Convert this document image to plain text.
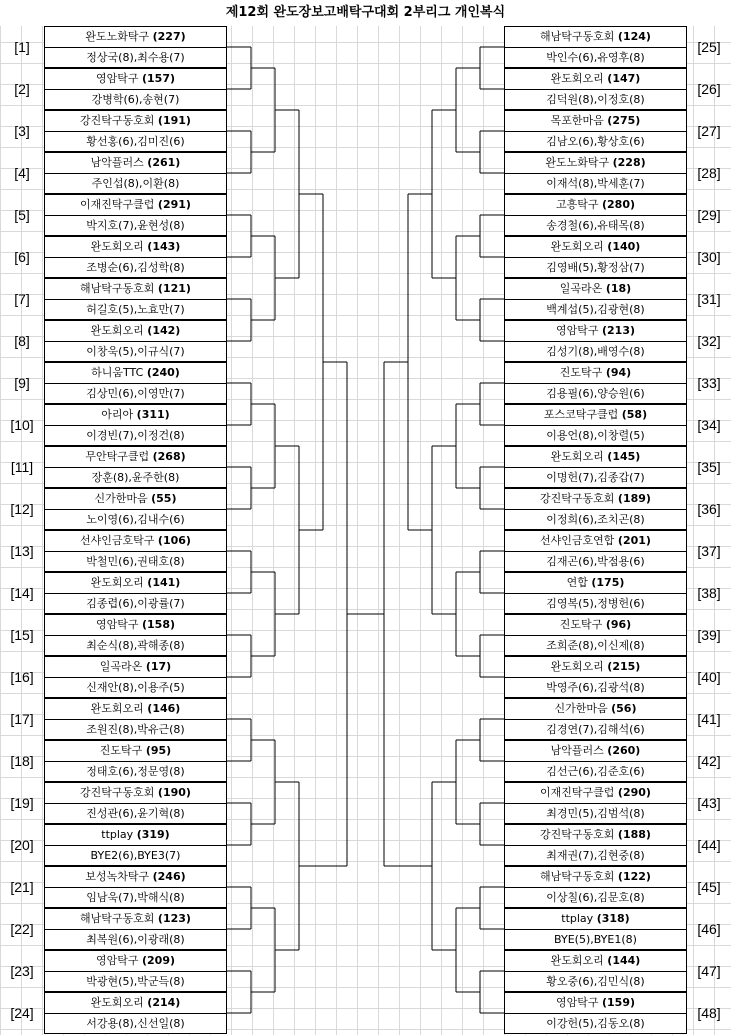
제12회 완도장보고배탁구대회 2부리그 개인복식
완도노화탁구 (227)
정상국(8),최수용(7)
[1]
영암탁구 (157)
강병학(6),송현(7)
[2]
강진탁구동호회 (191)
황선홍(6),김미진(6)
[3]
남악플러스 (261)
주인섭(8),이환(8)
[4]
이재진탁구클럽 (291)
박지호(7),윤현성(8)
[5]
완도회오리 (143)
조병순(6),김성학(8)
[6]
해남탁구동호회 (121)
허길호(5),노효만(7)
[7]
완도회오리 (142)
이창욱(5),이규식(7)
[8]
하니움TTC (240)
김상민(6),이영만(7)
[9]
아리아 (311)
이경빈(7),이정건(8)
[10]
무안탁구클럽 (268)
장훈(8),윤주한(8)
[11]
신가한마음 (55)
노이영(6),김내수(6)
[12]
선샤인금호탁구 (106)
박철민(6),권태호(8)
[13]
완도회오리 (141)
김종렵(6),이광률(7)
[14]
영암탁구 (158)
최순식(8),곽해종(8)
[15]
일곡라온 (17)
신재안(8),이용주(5)
[16]
완도회오리 (146)
조원진(8),박유근(8)
[17]
진도탁구 (95)
정태호(6),정문영(8)
[18]
강진탁구동호회 (190)
진성관(6),윤기혁(8)
[19]
ttplay (319)
BYE2(6),BYE3(7)
[20]
보성녹차탁구 (246)
임남욱(7),박해식(8)
[21]
해남탁구동호회 (123)
최복원(6),이광래(8)
[22]
영암탁구 (209)
박광현(5),박군득(8)
[23]
완도회오리 (214)
서강용(8),신선일(8)
[24]
해남탁구동호회 (124)
박인수(6),유영후(8)
[25]
완도회오리 (147)
김덕원(8),이정호(8)
[26]
목포한마음 (275)
김남오(6),황상호(6)
[27]
완도노화탁구 (228)
이재석(8),박세훈(7)
[28]
고흥탁구 (280)
송경철(6),유태목(8)
[29]
완도회오리 (140)
김영배(5),황정삼(7)
[30]
일곡라온 (18)
백계섭(5),김광현(8)
[31]
영암탁구 (213)
김성기(8),배영수(8)
[32]
진도탁구 (94)
김용필(6),양승원(6)
[33]
포스코탁구클럽 (58)
이용언(8),이창렬(5)
[34]
완도회오리 (145)
이명헌(7),김종갑(7)
[35]
강진탁구동호회 (189)
이정희(6),조치곤(8)
[36]
선샤인금호연합 (201)
김재곤(6),박점용(6)
[37]
연합 (175)
김영복(5),정병헌(6)
[38]
진도탁구 (96)
조희준(8),이신제(8)
[39]
완도회오리 (215)
박영주(6),김광석(8)
[40]
신가한마음 (56)
김경연(7),김해석(6)
[41]
남악플러스 (260)
김선근(6),김준호(6)
[42]
이재진탁구클럽 (290)
최경민(5),김범석(8)
[43]
강진탁구동호회 (188)
최재권(7),김현중(8)
[44]
해남탁구동호회 (122)
이상칠(6),김문호(8)
[45]
ttplay (318)
BYE(5),BYE1(8)
[46]
완도회오리 (144)
황오중(6),김민식(8)
[47]
영암탁구 (159)
이강헌(5),김동오(8)
[48]
